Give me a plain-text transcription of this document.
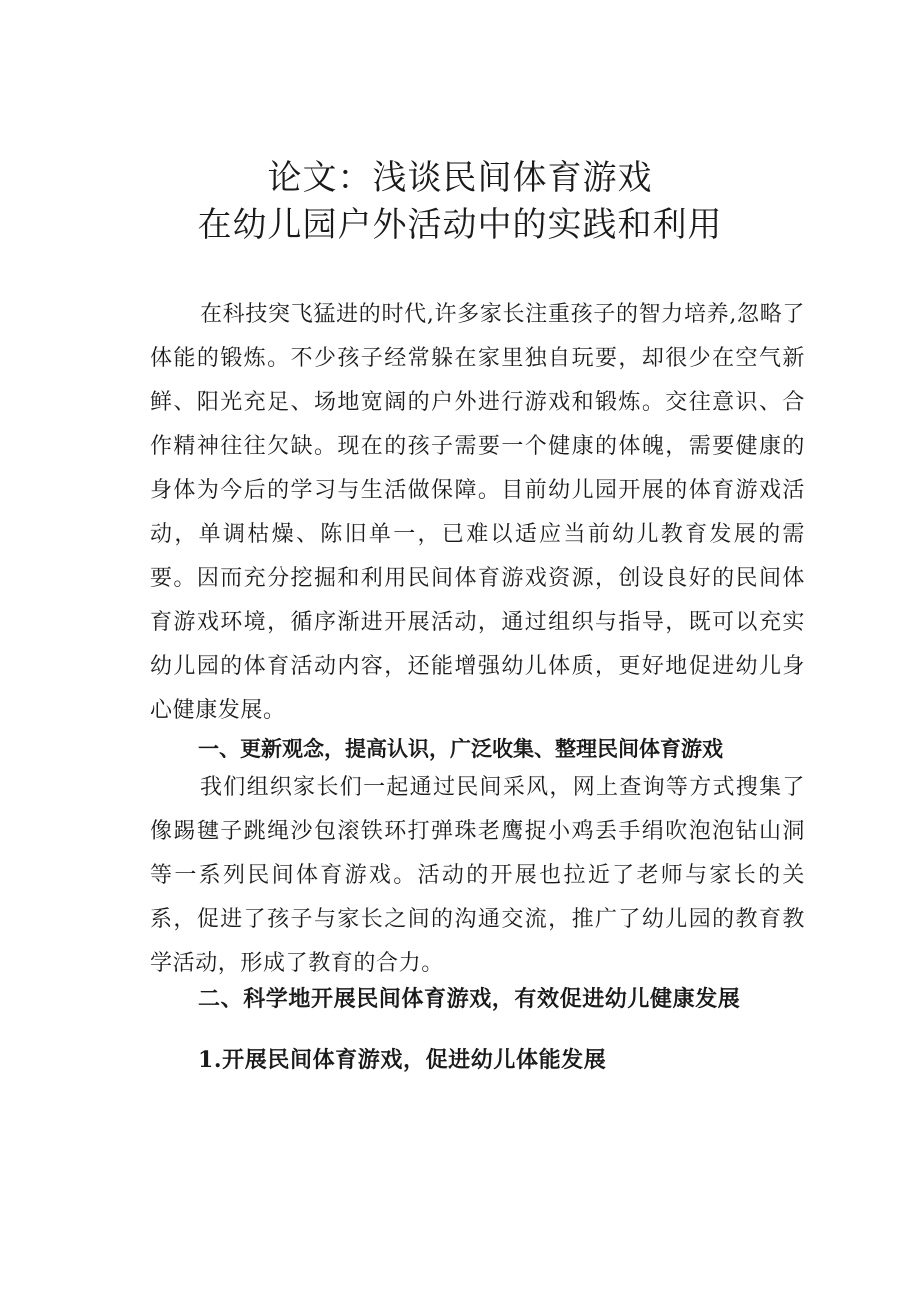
论文：浅谈民间体育游戏
在幼儿园户外活动中的实践和利用

在科技突飞猛进的时代,许多家长注重孩子的智力培养,忽略了体能的锻炼。不少孩子经常躲在家里独自玩要，却很少在空气新鲜、阳光充足、场地宽阔的户外进行游戏和锻炼。交往意识、合作精神往往欠缺。现在的孩子需要一个健康的体魄，需要健康的身体为今后的学习与生活做保障。目前幼儿园开展的体育游戏活动，单调枯燥、陈旧单一，已难以适应当前幼儿教育发展的需要。因而充分挖掘和利用民间体育游戏资源，创设良好的民间体育游戏环境，循序渐进开展活动，通过组织与指导，既可以充实幼儿园的体育活动内容，还能增强幼儿体质，更好地促进幼儿身心健康发展。

一、更新观念，提高认识，广泛收集、整理民间体育游戏

我们组织家长们一起通过民间采风，网上查询等方式搜集了像踢毽子跳绳沙包滚铁环打弹珠老鹰捉小鸡丢手绢吹泡泡钻山洞等一系列民间体育游戏。活动的开展也拉近了老师与家长的关系，促进了孩子与家长之间的沟通交流，推广了幼儿园的教育教学活动，形成了教育的合力。

二、科学地开展民间体育游戏，有效促进幼儿健康发展
1.开展民间体育游戏，促进幼儿体能发展
